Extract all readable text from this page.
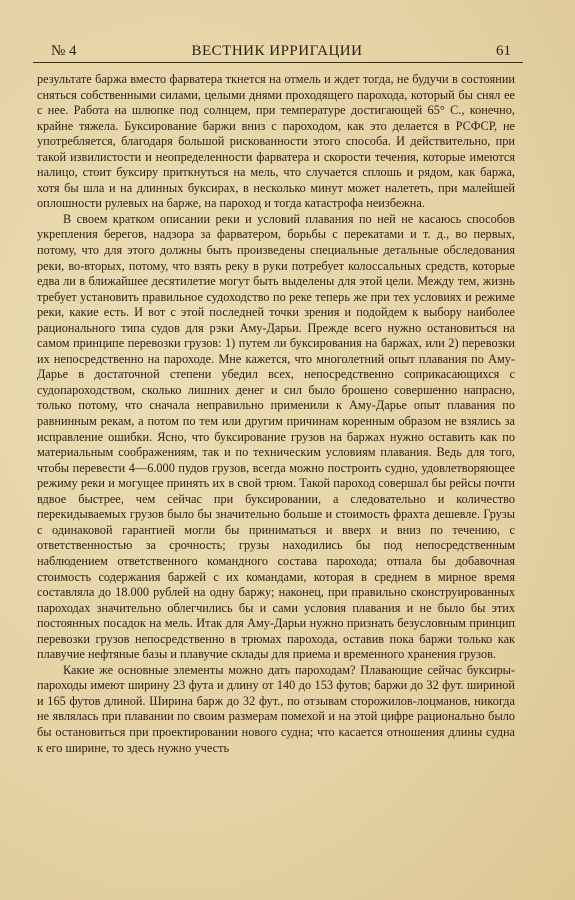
№ 4	ВЕСТНИК ИРРИГАЦИИ	61

результате баржа вместо фарватера ткнется на отмель и ждет тогда, не будучи в состоянии сняться собственными силами, целыми днями проходящего парохода, который бы снял ее с нее. Работа на шлюпке под солнцем, при температуре достигающей 65° С., конечно, крайне тяжела. Буксирование баржи вниз с пароходом, как это делается в РСФСР, не употребляется, благодаря большой рискованности этого способа. И действительно, при такой извилистости и неопределенности фарватера и скорости течения, которые имеются налицо, стоит буксиру приткнуться на мель, что случается сплошь и рядом, как баржа, хотя бы шла и на длинных буксирах, в несколько минут может налететь, при малейшей оплошности рулевых на барже, на пароход и тогда катастрофа неизбежна.

В своем кратком описании реки и условий плавания по ней не касаюсь способов укрепления берегов, надзора за фарватером, борьбы с перекатами и т. д., во первых, потому, что для этого должны быть произведены специальные детальные обследования реки, во-вторых, потому, что взять реку в руки потребует колоссальных средств, которые едва ли в ближайшее десятилетие могут быть выделены для этой цели. Между тем, жизнь требует установить правильное судоходство по реке теперь же при тех условиях и режиме реки, какие есть. И вот с этой последней точки зрения и подойдем к выбору наиболее рационального типа судов для рэки Аму-Дарьи. Прежде всего нужно остановиться на самом принципе перевозки грузов: 1) путем ли буксирования на баржах, или 2) перевозки их непосредственно на пароходе. Мне кажется, что многолетний опыт плавания по Аму-Дарье в достаточной степени убедил всех, непосредственно соприкасающихся с судопароходством, сколько лишних денег и сил было брошено совершенно напрасно, только потому, что сначала неправильно применили к Аму-Дарье опыт плавания по равнинным рекам, а потом по тем или другим причинам коренным образом не взялись за исправление ошибки. Ясно, что буксирование грузов на баржах нужно оставить как по материальным соображениям, так и по техническим условиям плавания. Ведь для того, чтобы перевести 4—6.000 пудов грузов, всегда можно построить судно, удовлетворяющее режиму реки и могущее принять их в свой трюм. Такой пароход совершал бы рейсы почти вдвое быстрее, чем сейчас при буксировании, а следовательно и количество перекидываемых грузов было бы значительно больше и стоимость фрахта дешевле. Грузы с одинаковой гарантией могли бы приниматься и вверх и вниз по течению, с ответственностью за срочность; грузы находились бы под непосредственным наблюдением ответственного командного состава парохода; отпала бы добавочная стоимость содержания баржей с их командами, которая в среднем в мирное время составляла до 18.000 рублей на одну баржу; наконец, при правильно сконструированных пароходах значительно облегчились бы и сами условия плавания и не было бы этих постоянных посадок на мель. Итак для Аму-Дарьи нужно признать безусловным принцип перевозки грузов непосредственно в трюмах парохода, оставив пока баржи только как плавучие нефтяные базы и плавучие склады для приема и временного хранения грузов.

Какие же основные элементы можно дать пароходам? Плавающие сейчас буксиры-пароходы имеют ширину 23 фута и длину от 140 до 153 футов; баржи до 32 фут. шириной и 165 футов длиной. Ширина барж до 32 фут., по отзывам сторожилов-лоцманов, никогда не являлась при плавании по своим размерам помехой и на этой цифре рационально было бы остановиться при проектировании нового судна; что касается отношения длины судна к его ширине, то здесь нужно учесть
